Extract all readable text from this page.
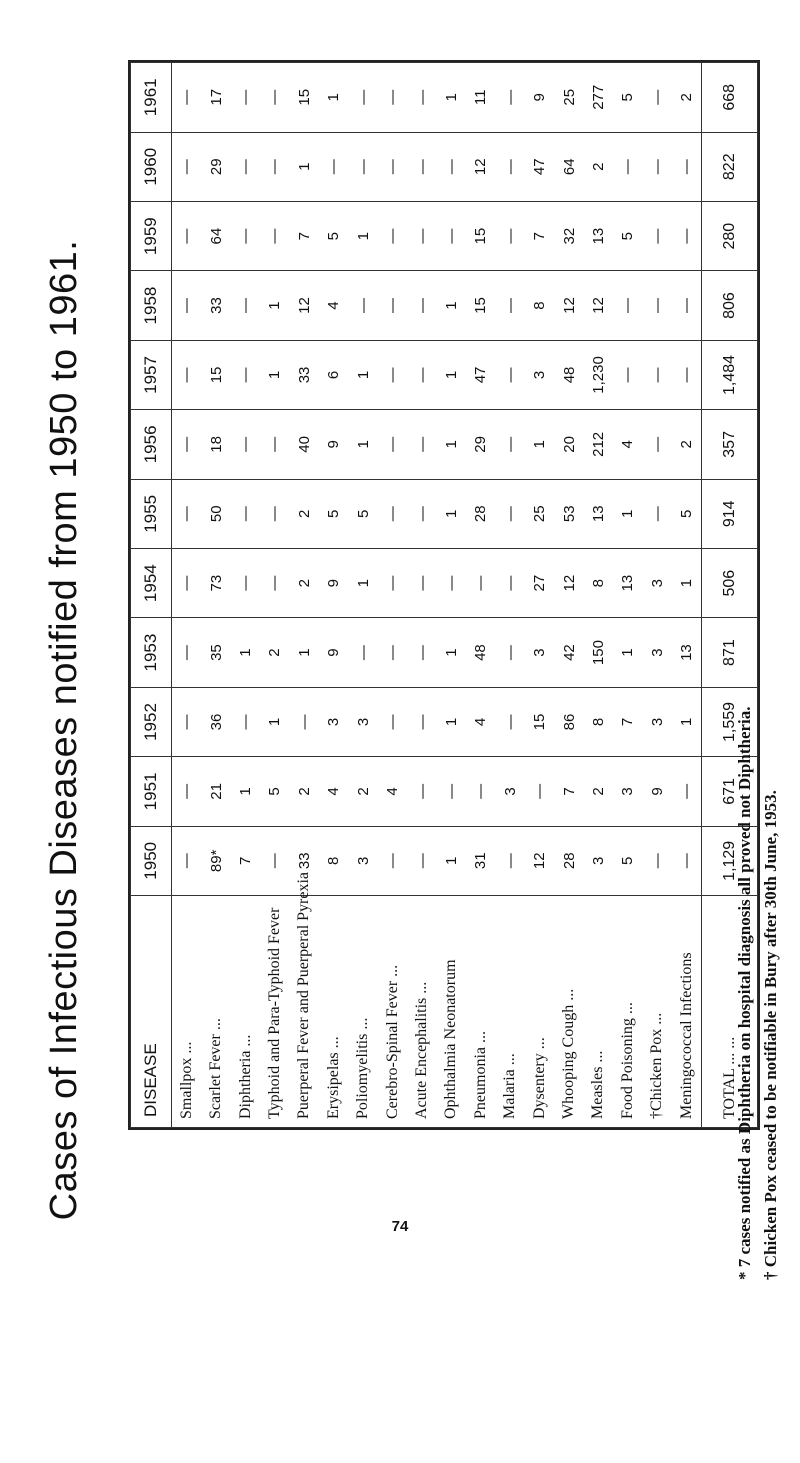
Cases of Infectious Diseases notified from 1950 to 1961.	DISEASE	1950	1951	1952	1953	1954	1955	1956	1957	1958	1959	1960	1961
Smallpox ...	—	—	—	—	—	—	—	—	—	—	—	—
Scarlet Fever ...	89*	21	36	35	73	50	18	15	33	64	29	17
Diphtheria ...	7	1	—	1	—	—	—	—	—	—	—	—
Typhoid and Para-Typhoid Fever	—	5	1	2	—	—	—	1	1	—	—	—
Puerperal Fever and Puerperal Pyrexia	33	2	—	1	2	2	40	33	12	7	1	15
Erysipelas ...	8	4	3	9	9	5	9	6	4	5	—	1
Poliomyelitis ...	3	2	3	—	1	5	1	1	—	1	—	—
Cerebro-Spinal Fever ...	—	4	—	—	—	—	—	—	—	—	—	—
Acute Encephalitis ...	—	—	—	—	—	—	—	—	—	—	—	—
Ophthalmia Neonatorum	1	—	1	1	—	1	1	1	1	—	—	1
Pneumonia ...	31	—	4	48	—	28	29	47	15	15	12	11
Malaria ...	—	3	—	—	—	—	—	—	—	—	—	—
Dysentery ...	12	—	15	3	27	25	1	3	8	7	47	9
Whooping Cough ...	28	7	86	42	12	53	20	48	12	32	64	25
Measles ...	3	2	8	150	8	13	212	1,230	12	13	2	277
Food Poisoning ...	5	3	7	1	13	1	4	—	—	5	—	5
†Chicken Pox ...	—	9	3	3	3	—	—	—	—	—	—	—
Meningococcal Infections	—	—	1	13	1	5	2	—	—	—	—	2
TOTAL ... ...	1,129	671	1,559	871	506	914	357	1,484	806	280	822	668
* 7 cases notified as Diphtheria on hospital diagnosis all proved not Diphtheria. † Chicken Pox ceased to be notifiable in Bury after 30th June, 1953.
74
